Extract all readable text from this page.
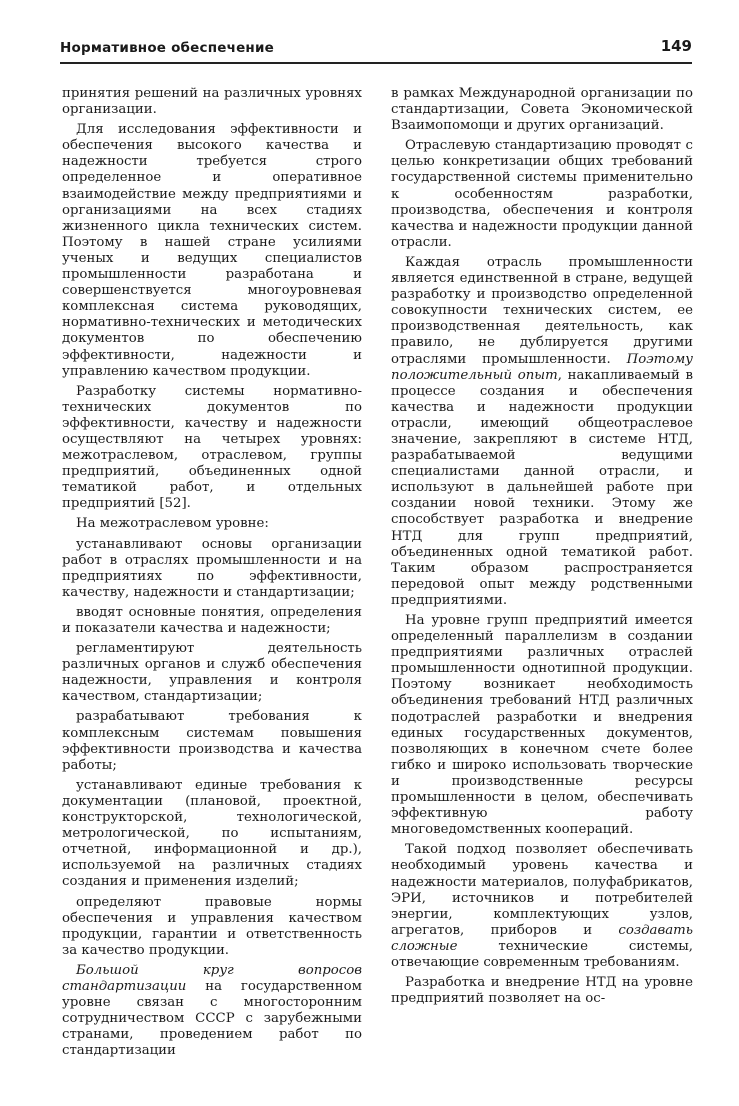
Нормативное обеспечение	149

принятия решений на различных уровнях организации.

Для исследования эффективности и обеспечения высокого качества и надежности требуется строго определенное и оперативное взаимодействие между предприятиями и организациями на всех стадиях жизненного цикла технических систем. Поэтому в нашей стране усилиями ученых и ведущих специалистов промышленности разработана и совершенствуется многоуровневая комплексная система руководящих, нормативно-технических и методических документов по обеспечению эффективности, надежности и управлению качеством продукции.

Разработку системы нормативно-технических документов по эффективности, качеству и надежности осуществляют на четырех уровнях: межотраслевом, отраслевом, группы предприятий, объединенных одной тематикой работ, и отдельных предприятий [52].

На межотраслевом уровне:

устанавливают основы организации работ в отраслях промышленности и на предприятиях по эффективности, качеству, надежности и стандартизации;

вводят основные понятия, определения и показатели качества и надежности;

регламентируют деятельность различных органов и служб обеспечения надежности, управления и контроля качеством, стандартизации;

разрабатывают требования к комплексным системам повышения эффективности производства и качества работы;

устанавливают единые требования к документации (плановой, проектной, конструкторской, технологической, метрологической, по испытаниям, отчетной, информационной и др.), используемой на различных стадиях создания и применения изделий;

определяют правовые нормы обеспечения и управления качеством продукции, гарантии и ответственность за качество продукции.

Большой круг вопросов стандартизации на государственном уровне связан с многосторонним сотрудничеством СССР с зарубежными странами, проведением работ по стандартизации

в рамках Международной организации по стандартизации, Совета Экономической Взаимопомощи и других организаций.

Отраслевую стандартизацию проводят с целью конкретизации общих требований государственной системы применительно к особенностям разработки, производства, обеспечения и контроля качества и надежности продукции данной отрасли.

Каждая отрасль промышленности является единственной в стране, ведущей разработку и производство определенной совокупности технических систем, ее производственная деятельность, как правило, не дублируется другими отраслями промышленности. Поэтому положительный опыт, накапливаемый в процессе создания и обеспечения качества и надежности продукции отрасли, имеющий общеотраслевое значение, закрепляют в системе НТД, разрабатываемой ведущими специалистами данной отрасли, и используют в дальнейшей работе при создании новой техники. Этому же способствует разработка и внедрение НТД для групп предприятий, объединенных одной тематикой работ. Таким образом распространяется передовой опыт между родственными предприятиями.

На уровне групп предприятий имеется определенный параллелизм в создании предприятиями различных отраслей промышленности однотипной продукции. Поэтому возникает необходимость объединения требований НТД различных подотраслей разработки и внедрения единых государственных документов, позволяющих в конечном счете более гибко и широко использовать творческие и производственные ресурсы промышленности в целом, обеспечивать эффективную работу многоведомственных коопераций.

Такой подход позволяет обеспечивать необходимый уровень качества и надежности материалов, полуфабрикатов, ЭРИ, источников и потребителей энергии, комплектующих узлов, агрегатов, приборов и создавать сложные технические системы, отвечающие современным требованиям.

Разработка и внедрение НТД на уровне предприятий позволяет на ос-
